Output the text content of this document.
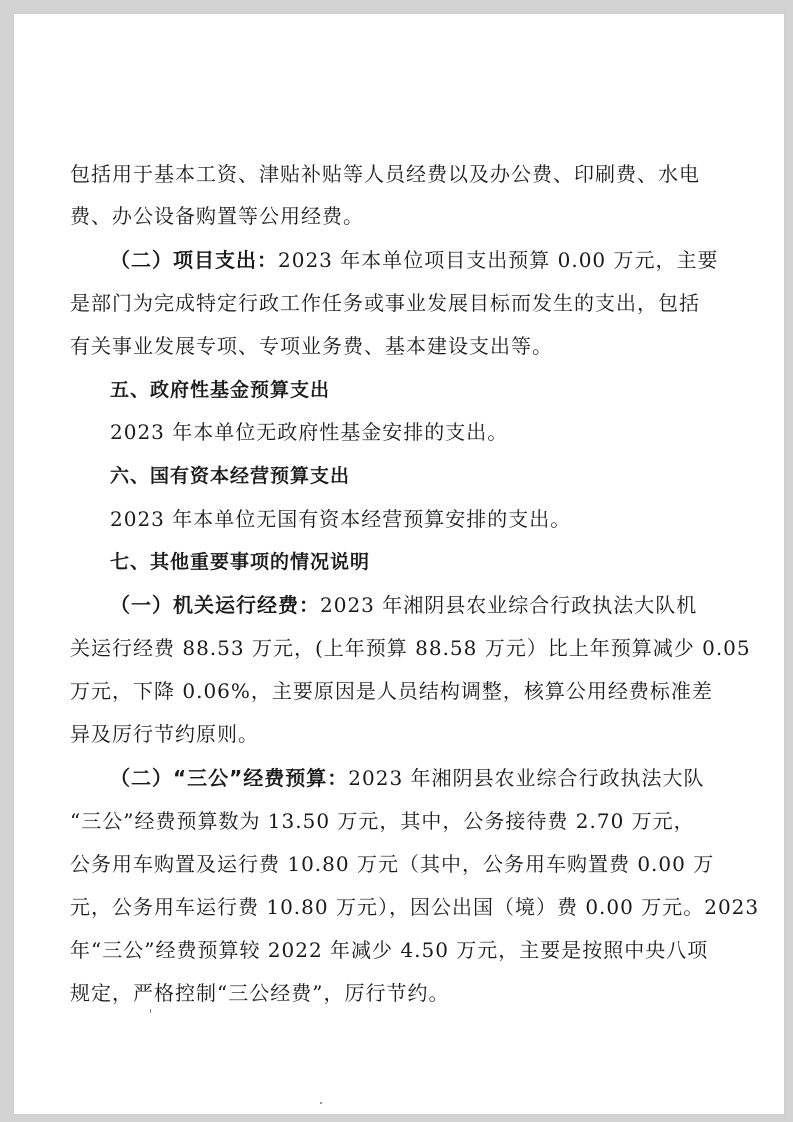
包括用于基本工资、津贴补贴等人员经费以及办公费、印刷费、水电

费、办公设备购置等公用经费。

（二）项目支出：2023 年本单位项目支出预算 0.00 万元，主要

是部门为完成特定行政工作任务或事业发展目标而发生的支出，包括

有关事业发展专项、专项业务费、基本建设支出等。

五、政府性基金预算支出

2023 年本单位无政府性基金安排的支出。

六、国有资本经营预算支出

2023 年本单位无国有资本经营预算安排的支出。

七、其他重要事项的情况说明

（一）机关运行经费：2023 年湘阴县农业综合行政执法大队机

关运行经费 88.53 万元，(上年预算 88.58 万元）比上年预算减少 0.05

万元，下降 0.06%，主要原因是人员结构调整，核算公用经费标准差

异及厉行节约原则。

（二）“三公”经费预算：2023 年湘阴县农业综合行政执法大队

“三公”经费预算数为 13.50 万元，其中，公务接待费 2.70 万元，

公务用车购置及运行费 10.80 万元（其中，公务用车购置费 0.00 万

元，公务用车运行费 10.80 万元），因公出国（境）费 0.00 万元。2023

年“三公”经费预算较 2022 年减少 4.50 万元，主要是按照中央八项

规定，严格控制“三公经费”，厉行节约。
